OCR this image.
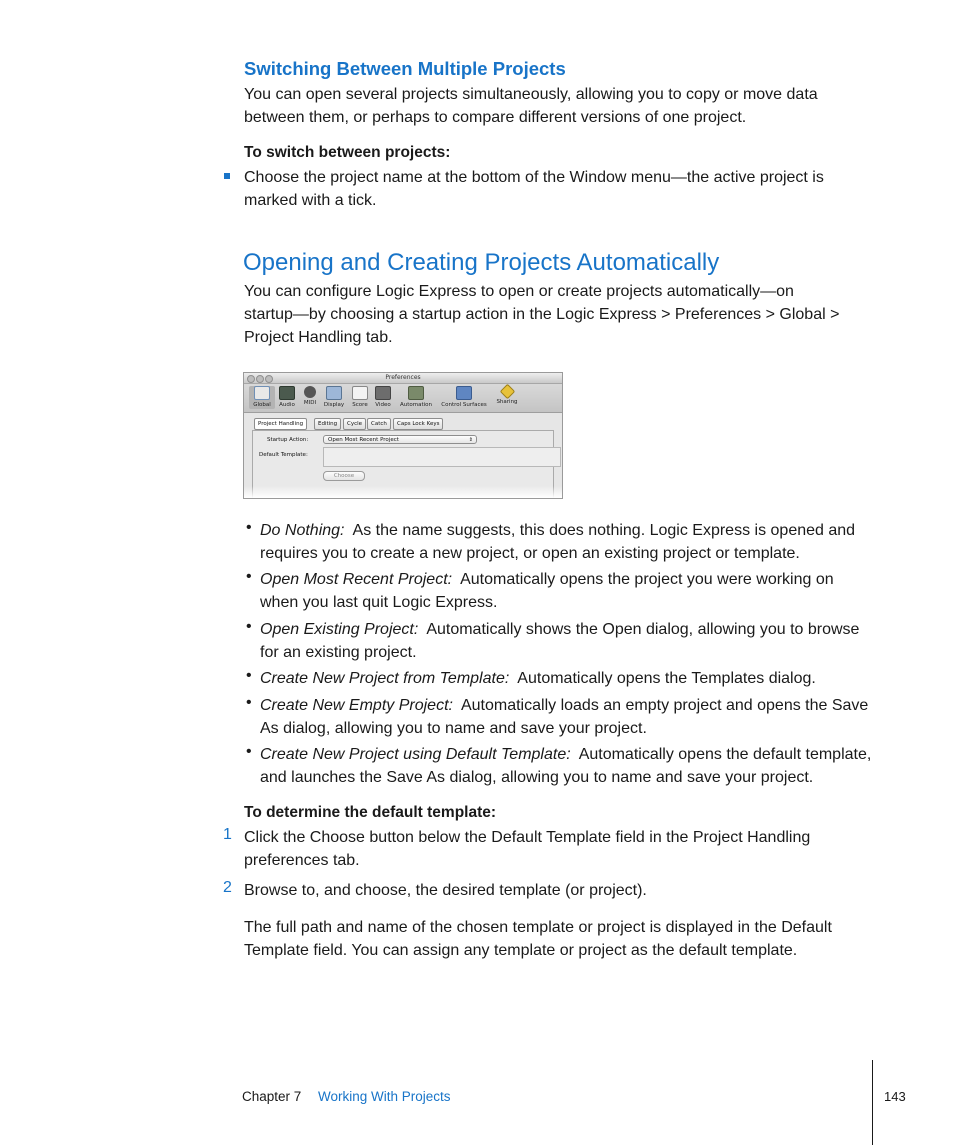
Switching Between Multiple Projects
You can open several projects simultaneously, allowing you to copy or move data
between them, or perhaps to compare different versions of one project.
To switch between projects:
Choose the project name at the bottom of the Window menu—the active project is
marked with a tick.
Opening and Creating Projects Automatically
You can configure Logic Express to open or create projects automatically—on
startup—by choosing a startup action in the Logic Express > Preferences > Global >
Project Handling tab.
Preferences
Global	Audio	MIDI	Display	Score	Video	Automation	Control Surfaces	Sharing
Project Handling	Editing	Cycle	Catch	Caps Lock Keys
Startup Action:	Open Most Recent Project	⇕
Default Template:
Choose
• Do Nothing: As the name suggests, this does nothing. Logic Express is opened and
requires you to create a new project, or open an existing project or template.
• Open Most Recent Project: Automatically opens the project you were working on
when you last quit Logic Express.
• Open Existing Project: Automatically shows the Open dialog, allowing you to browse
for an existing project.
• Create New Project from Template: Automatically opens the Templates dialog.
• Create New Empty Project: Automatically loads an empty project and opens the Save
As dialog, allowing you to name and save your project.
• Create New Project using Default Template: Automatically opens the default template,
and launches the Save As dialog, allowing you to name and save your project.
To determine the default template:
1 Click the Choose button below the Default Template field in the Project Handling
preferences tab.
2 Browse to, and choose, the desired template (or project).
The full path and name of the chosen template or project is displayed in the Default
Template field. You can assign any template or project as the default template.
Chapter 7 Working With Projects	143
